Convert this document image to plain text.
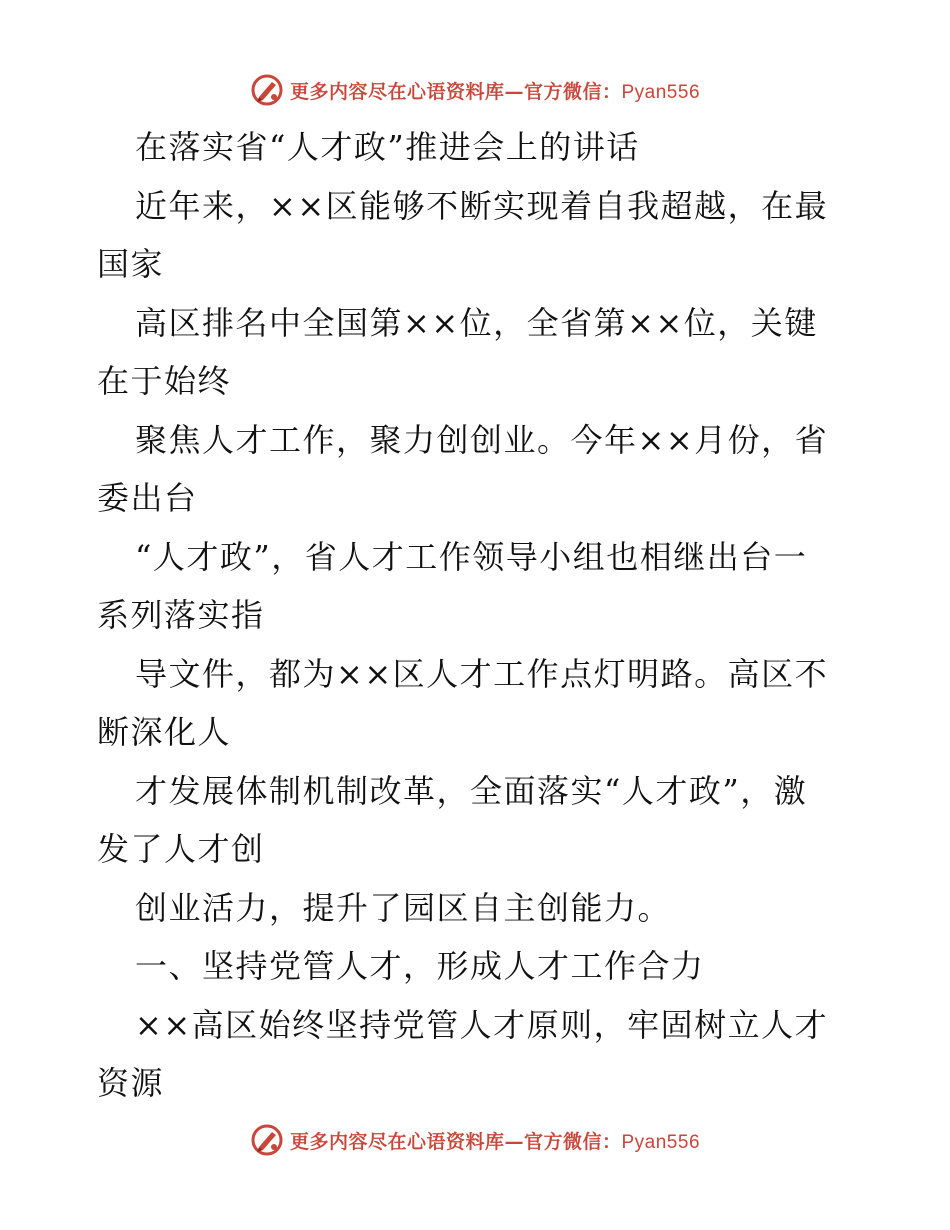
更多内容尽在心语资料库—官方微信：Pyan556
在落实省“人才政”推进会上的讲话
近年来，××区能够不断实现着自我超越，在最
国家
高区排名中全国第××位，全省第××位，关键
在于始终
聚焦人才工作，聚力创创业。今年××月份，省
委出台
“人才政”，省人才工作领导小组也相继出台一
系列落实指
导文件，都为××区人才工作点灯明路。高区不
断深化人
才发展体制机制改革，全面落实“人才政”，激
发了人才创
创业活力，提升了园区自主创能力。
一、坚持党管人才，形成人才工作合力
××高区始终坚持党管人才原则，牢固树立人才
资源
更多内容尽在心语资料库—官方微信：Pyan556
